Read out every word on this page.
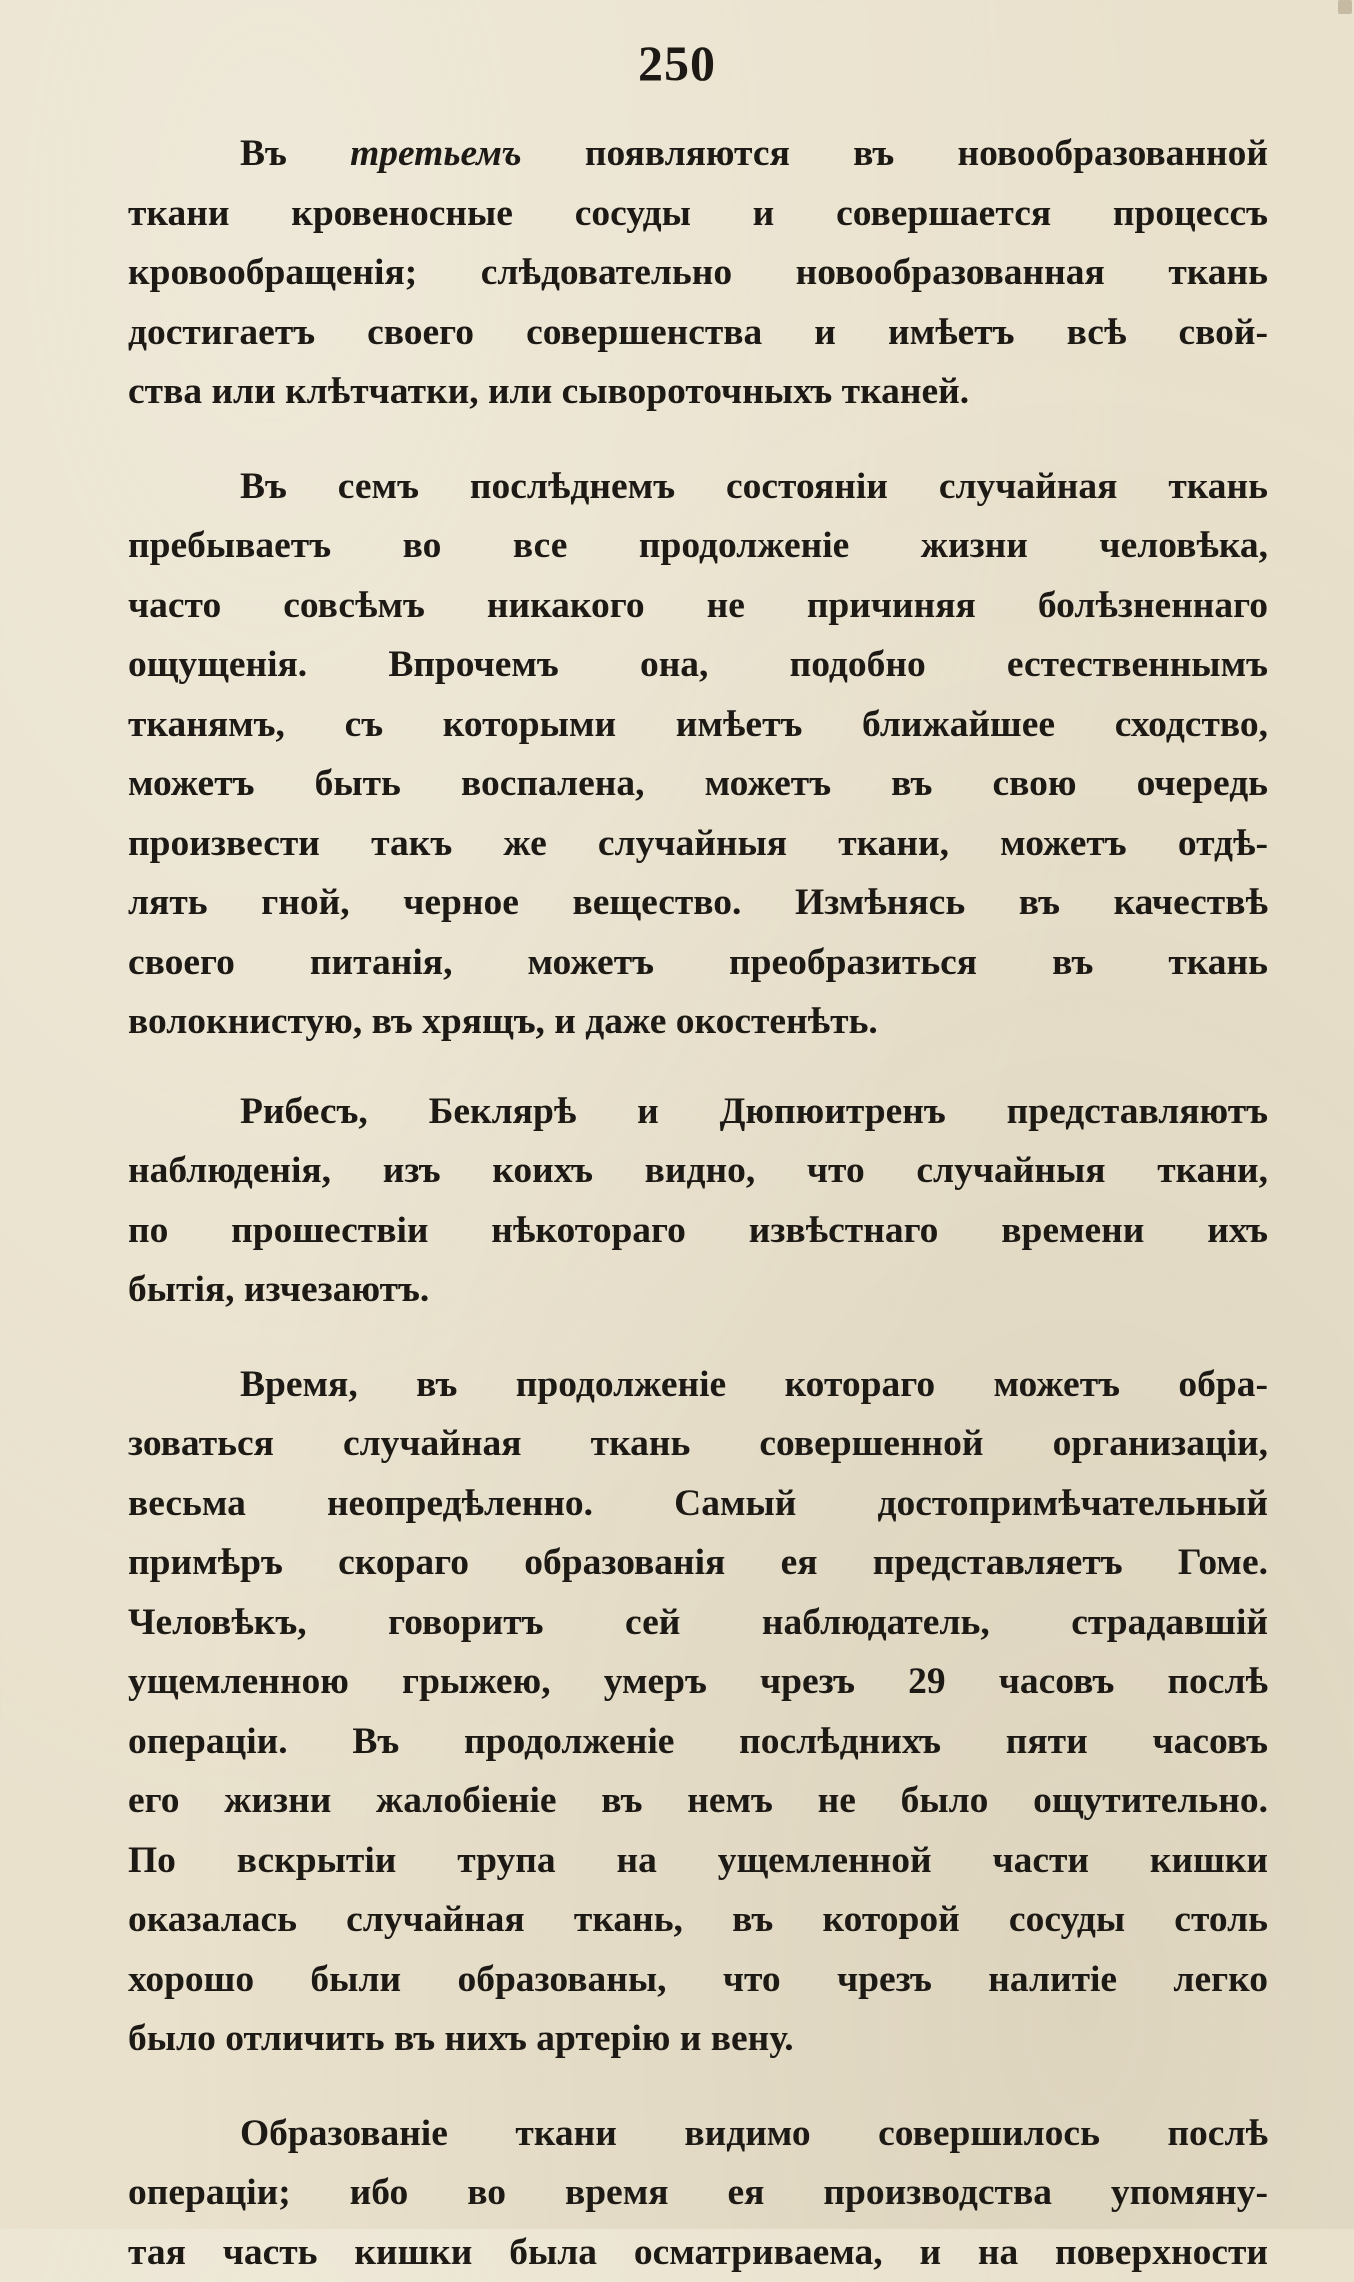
250
Въ третьемъ появляются въ новообразованной
ткани кровеносные сосуды и совершается процессъ
кровообращенія; слѣдовательно новообразованная ткань
достигаетъ своего совершенства и имѣетъ всѣ свой-
ства или клѣтчатки, или сывороточныхъ тканей.
Въ семъ послѣднемъ состояніи случайная ткань
пребываетъ во все продолженіе жизни человѣка,
часто совсѣмъ никакого не причиняя болѣзненнаго
ощущенія. Впрочемъ она, подобно естественнымъ
тканямъ, съ которыми имѣетъ ближайшее сходство,
можетъ быть воспалена, можетъ въ свою очередь
произвести такъ же случайныя ткани, можетъ отдѣ-
лять гной, черное вещество. Измѣнясь въ качествѣ
своего питанія, можетъ преобразиться въ ткань
волокнистую, въ хрящъ, и даже окостенѣть.
Рибесъ, Беклярѣ и Дюпюитренъ представляютъ
наблюденія, изъ коихъ видно, что случайныя ткани,
по прошествіи нѣкотораго извѣстнаго времени ихъ
бытія, изчезаютъ.
Время, въ продолженіе котораго можетъ обра-
зоваться случайная ткань совершенной организаціи,
весьма неопредѣленно. Самый достопримѣчательный
примѣръ скораго образованія ея представляетъ Гоме.
Человѣкъ, говоритъ сей наблюдатель, страдавшій
ущемленною грыжею, умеръ чрезъ 29 часовъ послѣ
операціи. Въ продолженіе послѣднихъ пяти часовъ
его жизни жалобіеніе въ немъ не было ощутительно.
По вскрытіи трупа на ущемленной части кишки
оказалась случайная ткань, въ которой сосуды столь
хорошо были образованы, что чрезъ налитіе легко
было отличить въ нихъ артерію и вену.
Образованіе ткани видимо совершилось послѣ
операціи; ибо во время ея производства упомяну-
тая часть кишки была осматриваема, и на поверхности
